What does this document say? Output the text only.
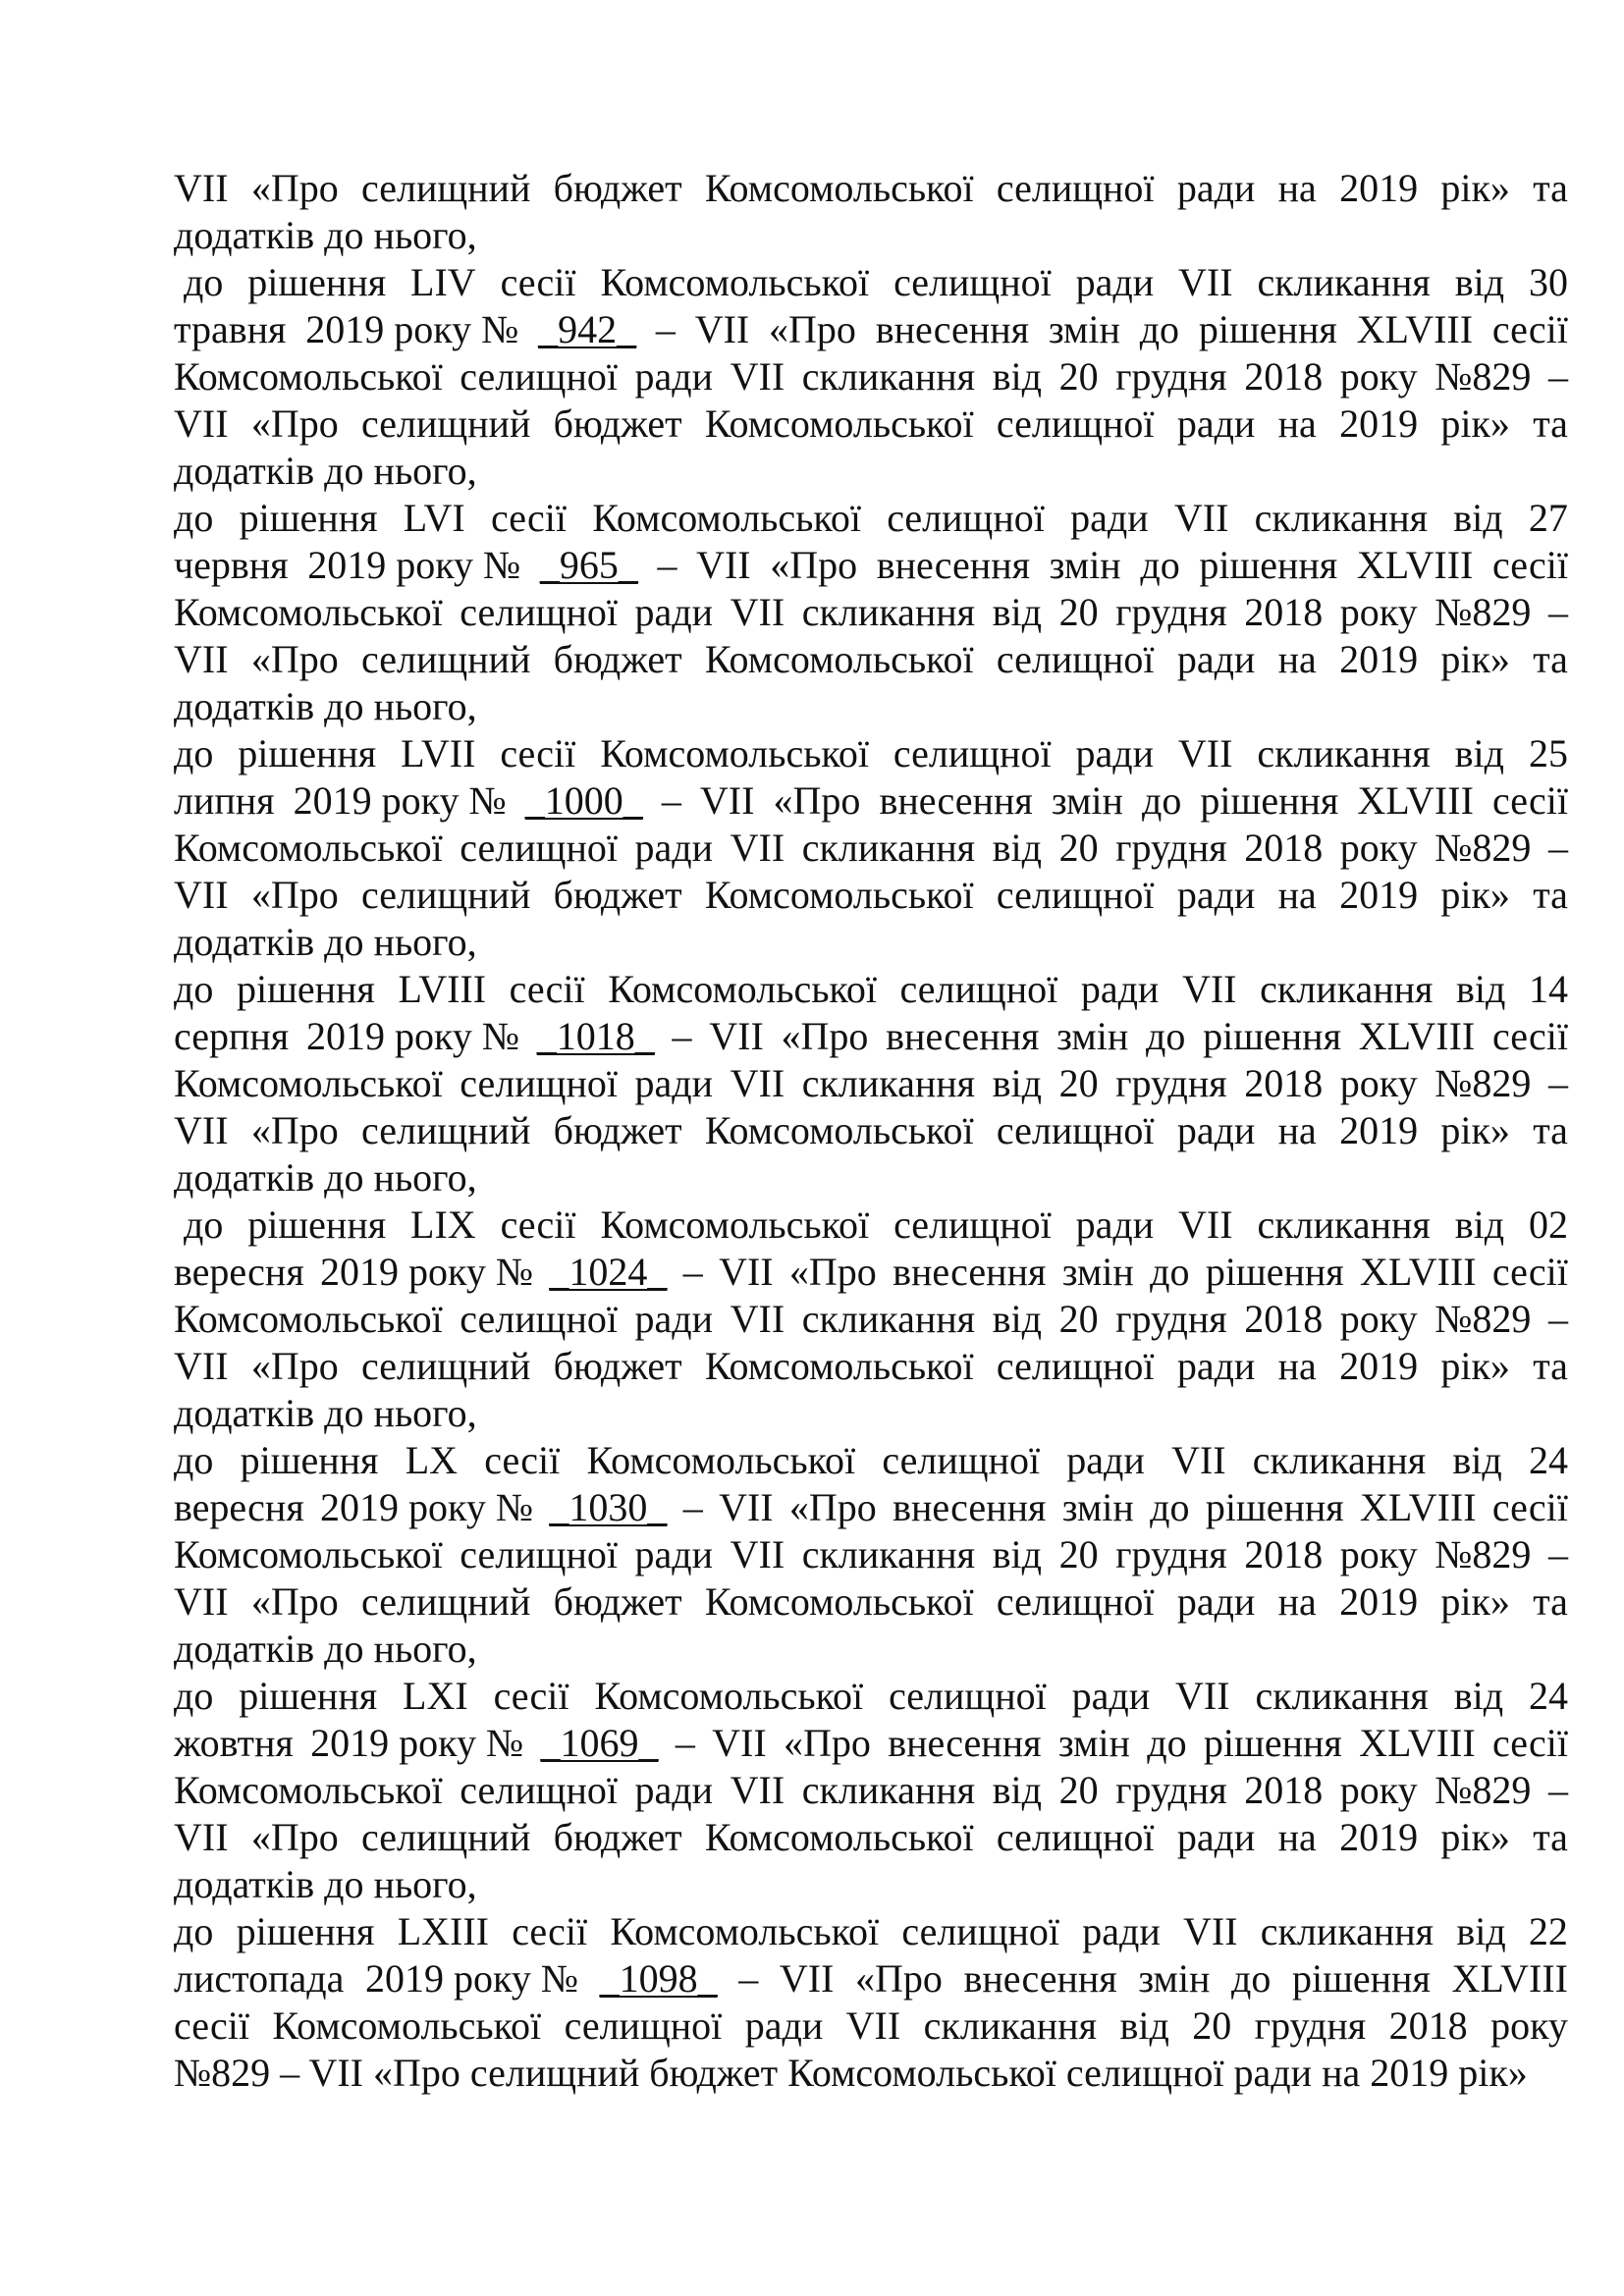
VII «Про селищний бюджет Комсомольської селищної ради на 2019 рік» та
додатків до нього,
до рішення LIV сесії Комсомольської селищної ради VII скликання від 30
травня 2019 року № _942_ – VII «Про внесення змін до рішення XLVIII сесії
Комсомольської селищної ради VII скликання від 20 грудня 2018 року №829 –
VII «Про селищний бюджет Комсомольської селищної ради на 2019 рік» та
додатків до нього,
до рішення LVI сесії Комсомольської селищної ради VII скликання від 27
червня 2019 року № _965_ – VII «Про внесення змін до рішення XLVIII сесії
Комсомольської селищної ради VII скликання від 20 грудня 2018 року №829 –
VII «Про селищний бюджет Комсомольської селищної ради на 2019 рік» та
додатків до нього,
до рішення LVII сесії Комсомольської селищної ради VII скликання від 25
липня 2019 року № _1000_ – VII «Про внесення змін до рішення XLVIII сесії
Комсомольської селищної ради VII скликання від 20 грудня 2018 року №829 –
VII «Про селищний бюджет Комсомольської селищної ради на 2019 рік» та
додатків до нього,
до рішення LVIII сесії Комсомольської селищної ради VII скликання від 14
серпня 2019 року № _1018_ – VII «Про внесення змін до рішення XLVIII сесії
Комсомольської селищної ради VII скликання від 20 грудня 2018 року №829 –
VII «Про селищний бюджет Комсомольської селищної ради на 2019 рік» та
додатків до нього,
до рішення LIX сесії Комсомольської селищної ради VII скликання від 02
вересня 2019 року № _1024_ – VII «Про внесення змін до рішення XLVIII сесії
Комсомольської селищної ради VII скликання від 20 грудня 2018 року №829 –
VII «Про селищний бюджет Комсомольської селищної ради на 2019 рік» та
додатків до нього,
до рішення LX сесії Комсомольської селищної ради VII скликання від 24
вересня 2019 року № _1030_ – VII «Про внесення змін до рішення XLVIII сесії
Комсомольської селищної ради VII скликання від 20 грудня 2018 року №829 –
VII «Про селищний бюджет Комсомольської селищної ради на 2019 рік» та
додатків до нього,
до рішення LXI сесії Комсомольської селищної ради VII скликання від 24
жовтня 2019 року № _1069_ – VII «Про внесення змін до рішення XLVIII сесії
Комсомольської селищної ради VII скликання від 20 грудня 2018 року №829 –
VII «Про селищний бюджет Комсомольської селищної ради на 2019 рік» та
додатків до нього,
до рішення LXIII сесії Комсомольської селищної ради VII скликання від 22
листопада 2019 року № _1098_ – VII «Про внесення змін до рішення XLVIII
сесії Комсомольської селищної ради VII скликання від 20 грудня 2018 року
№829 – VII «Про селищний бюджет Комсомольської селищної ради на 2019 рік»
